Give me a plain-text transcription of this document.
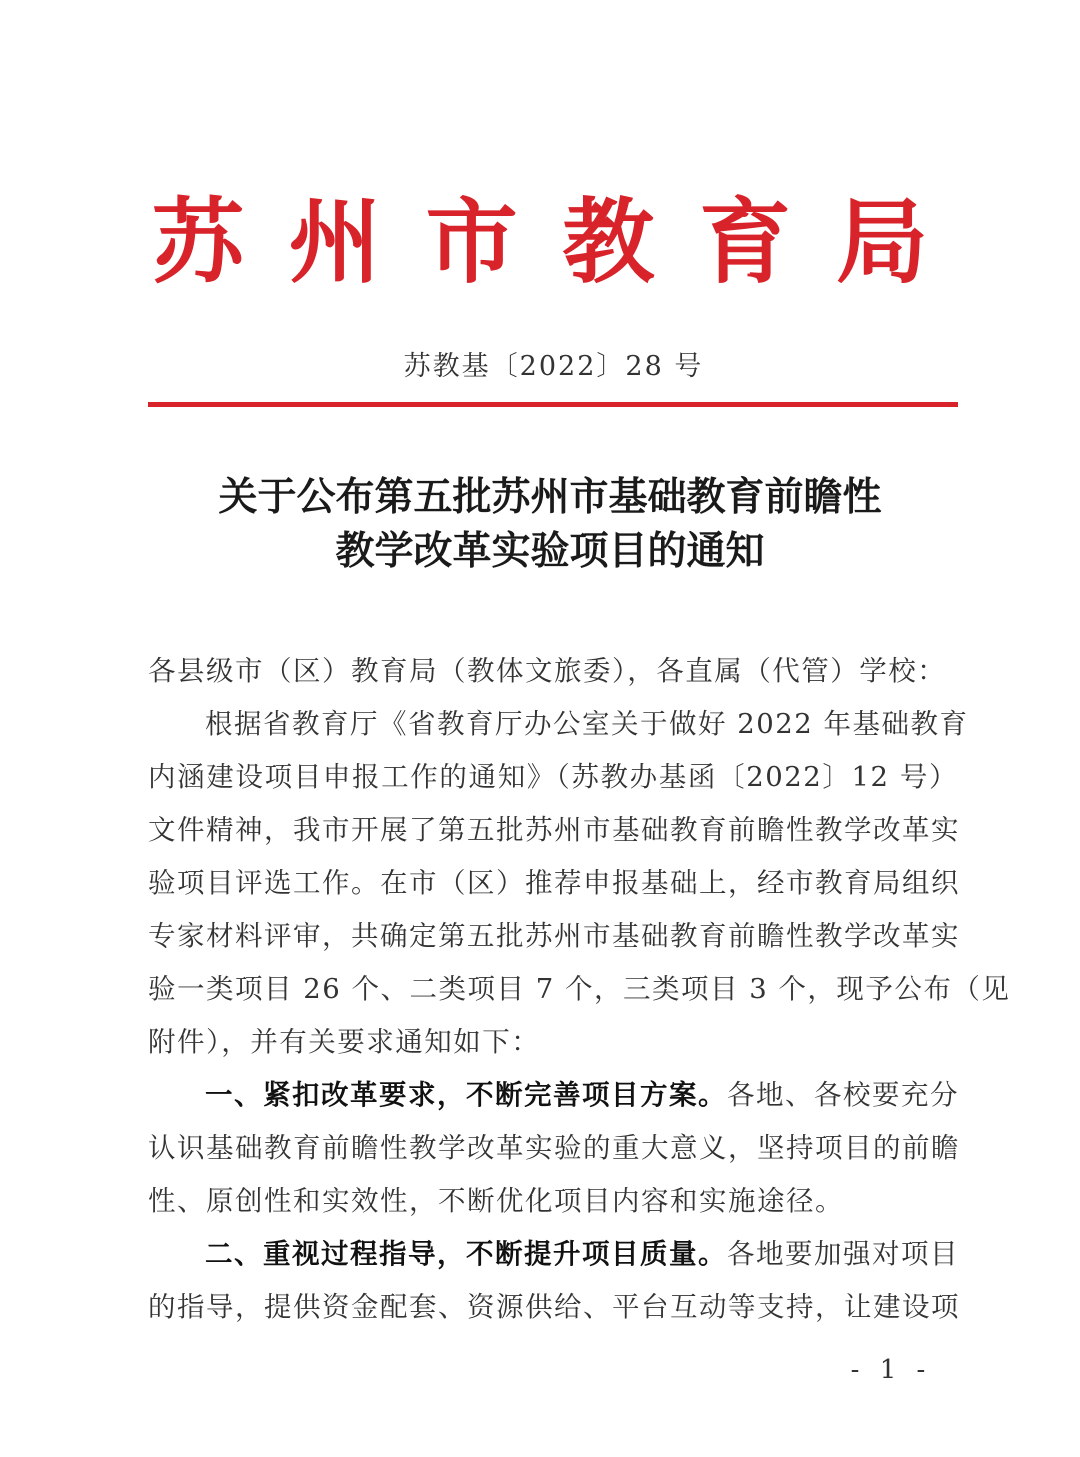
苏 州 市 教 育 局
苏教基〔2022〕28 号
关于公布第五批苏州市基础教育前瞻性
教学改革实验项目的通知
各县级市（区）教育局（教体文旅委），各直属（代管）学校：
根据省教育厅《省教育厅办公室关于做好 2022 年基础教育
内涵建设项目申报工作的通知》（苏教办基函〔2022〕12 号）
文件精神，我市开展了第五批苏州市基础教育前瞻性教学改革实
验项目评选工作。在市（区）推荐申报基础上，经市教育局组织
专家材料评审，共确定第五批苏州市基础教育前瞻性教学改革实
验一类项目 26 个、二类项目 7 个，三类项目 3 个，现予公布（见
附件），并有关要求通知如下：
一、紧扣改革要求，不断完善项目方案。各地、各校要充分
认识基础教育前瞻性教学改革实验的重大意义，坚持项目的前瞻
性、原创性和实效性，不断优化项目内容和实施途径。
二、重视过程指导，不断提升项目质量。各地要加强对项目
的指导，提供资金配套、资源供给、平台互动等支持，让建设项
- 1 -
